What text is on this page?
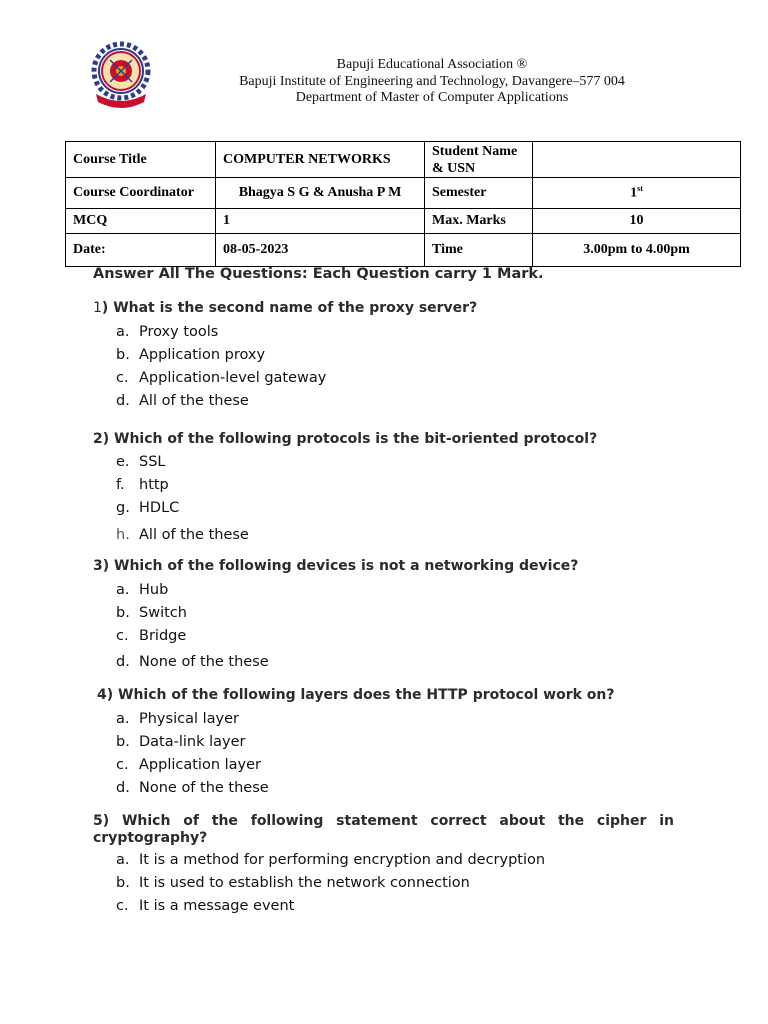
Bapuji Educational Association ®
Bapuji Institute of Engineering and Technology, Davangere–577 004
Department of Master of Computer Applications
Course Title	COMPUTER NETWORKS	Student Name & USN	
Course Coordinator	Bhagya S G & Anusha P M	Semester	1st
MCQ	1	Max. Marks	10
Date:	08-05-2023	Time	3.00pm to 4.00pm
Answer All The Questions: Each Question carry 1 Mark.
1) What is the second name of the proxy server?
a. Proxy tools
b. Application proxy
c. Application-level gateway
d. All of the these
2) Which of the following protocols is the bit-oriented protocol?
e. SSL
f. http
g. HDLC
h. All of the these
3) Which of the following devices is not a networking device?
a. Hub
b. Switch
c. Bridge
d. None of the these
4) Which of the following layers does the HTTP protocol work on?
a. Physical layer
b. Data-link layer
c. Application layer
d. None of the these
5) Which of the following statement correct about the cipher in cryptography?
a. It is a method for performing encryption and decryption
b. It is used to establish the network connection
c. It is a message event
